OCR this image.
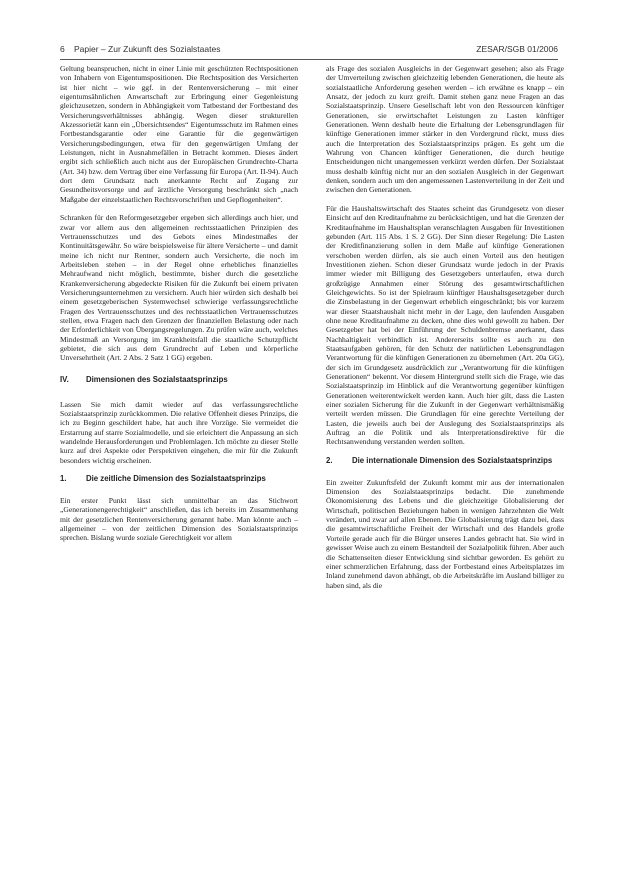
6 Papier – Zur Zukunft des Sozialstaates	ZESAR/SGB 01/2006

Geltung beanspruchen, nicht in einer Linie mit geschützten Rechtspositionen von Inhabern von Eigentumspositionen. Die Rechtsposition des Versicherten ist hier nicht – wie ggf. in der Rentenversicherung – mit einer eigentumsähnlichen Anwartschaft zur Erbringung einer Gegenleistung gleichzusetzen, sondern in Abhängigkeit vom Tatbestand der Fortbestand des Versicherungsverhältnisses abhängig. Wegen dieser strukturellen Akzessorietät kann ein „Übersichtsendes“ Eigentumsschutz im Rahmen eines Fortbestandsgarantie oder eine Garantie für die gegenwärtigen Versicherungsbedingungen, etwa für den gegenwärtigen Umfang der Leistungen, nicht in Ausnahmefällen in Betracht kommen. Dieses ändert ergibt sich schließlich auch nicht aus der Europäischen Grundrechte-Charta (Art. 34) bzw. dem Vertrag über eine Verfassung für Europa (Art. II-94). Auch dort dem Grundsatz nach anerkannte Recht auf Zugang zur Gesundheitsvorsorge und auf ärztliche Versorgung beschränkt sich „nach Maßgabe der einzelstaatlichen Rechtsvorschriften und Gepflogenheiten“.

Schranken für den Reformgesetzgeber ergeben sich allerdings auch hier, und zwar vor allem aus den allgemeinen rechtsstaatlichen Prinzipien des Vertrauensschutzes und des Gebots eines Mindestmaßes der Kontinuitätsgewähr. So wäre beispielsweise für ältere Versicherte – und damit meine ich nicht nur Rentner, sondern auch Versicherte, die noch im Arbeitsleben stehen – in der Regel ohne erhebliches finanzielles Mehraufwand nicht möglich, bestimmte, bisher durch die gesetzliche Krankenversicherung abgedeckte Risiken für die Zukunft bei einem privaten Versicherungsunternehmen zu versichern. Auch hier würden sich deshalb bei einem gesetzgeberischen Systemwechsel schwierige verfassungsrechtliche Fragen des Vertrauensschutzes und des rechtsstaatlichen Vertrauensschutzes stellen, etwa Fragen nach den Grenzen der finanziellen Belastung oder nach der Erforderlichkeit von Übergangsregelungen. Zu prüfen wäre auch, welches Mindestmaß an Versorgung im Krankheitsfall die staatliche Schutzpflicht gebietet, die sich aus dem Grundrecht auf Leben und körperliche Unversehrtheit (Art. 2 Abs. 2 Satz 1 GG) ergeben.

IV.	Dimensionen des Sozialstaatsprinzips

Lassen Sie mich damit wieder auf das verfassungsrechtliche Sozialstaatsprinzip zurückkommen. Die relative Offenheit dieses Prinzips, die ich zu Beginn geschildert habe, hat auch ihre Vorzüge. Sie vermeidet die Erstarrung auf starre Sozialmodelle, und sie erleichtert die Anpassung an sich wandelnde Herausforderungen und Problemlagen. Ich möchte zu dieser Stelle kurz auf drei Aspekte oder Perspektiven eingehen, die mir für die Zukunft besonders wichtig erscheinen.

1.	Die zeitliche Dimension des Sozialstaatsprinzips

Ein erster Punkt lässt sich unmittelbar an das Stichwort „Generationengerechtigkeit“ anschließen, das ich bereits im Zusammenhang mit der gesetzlichen Rentenversicherung genannt habe. Man könnte auch – allgemeiner – von der zeitlichen Dimension des Sozialstaatsprinzips sprechen. Bislang wurde soziale Gerechtigkeit vor allem

als Frage des sozialen Ausgleichs in der Gegenwart gesehen; also als Frage der Umverteilung zwischen gleichzeitig lebenden Generationen, die heute als sozialstaatliche Anforderung gesehen werden – ich erwähne es knapp – ein Ansatz, der jedoch zu kurz greift. Damit stehen ganz neue Fragen an das Sozialstaatsprinzip. Unsere Gesellschaft lebt von den Ressourcen künftiger Generationen, sie erwirtschaftet Leistungen zu Lasten künftiger Generationen. Wenn deshalb heute die Erhaltung der Lebensgrundlagen für künftige Generationen immer stärker in den Vordergrund rückt, muss dies auch die Interpretation des Sozialstaatsprinzips prägen. Es geht um die Wahrung von Chancen künftiger Generationen, die durch heutige Entscheidungen nicht unangemessen verkürzt werden dürfen. Der Sozialstaat muss deshalb künftig nicht nur an den sozialen Ausgleich in der Gegenwart denken, sondern auch um den angemessenen Lastenverteilung in der Zeit und zwischen den Generationen.

Für die Haushaltswirtschaft des Staates scheint das Grundgesetz von dieser Einsicht auf den Kreditaufnahme zu berücksichtigen, und hat die Grenzen der Kreditaufnahme im Haushaltsplan veranschlagten Ausgaben für Investitionen gebunden (Art. 115 Abs. 1 S. 2 GG). Der Sinn dieser Regelung: Die Lasten der Kreditfinanzierung sollen in dem Maße auf künftige Generationen verschoben werden dürfen, als sie auch einen Vorteil aus den heutigen Investitionen ziehen. Schon dieser Grundsatz wurde jedoch in der Praxis immer wieder mit Billigung des Gesetzgebers unterlaufen, etwa durch großzügige Annahmen einer Störung des gesamtwirtschaftlichen Gleichgewichts. So ist der Spielraum künftiger Haushaltsgesetzgeber durch die Zinsbelastung in der Gegenwart erheblich eingeschränkt; bis vor kurzem war dieser Staatshaushalt nicht mehr in der Lage, den laufenden Ausgaben ohne neue Kreditaufnahme zu decken, ohne dies wohl gewollt zu haben. Der Gesetzgeber hat bei der Einführung der Schuldenbremse anerkannt, dass Nachhaltigkeit verbindlich ist. Andererseits sollte es auch zu den Staatsaufgaben gehören, für den Schutz der natürlichen Lebensgrundlagen Verantwortung für die künftigen Generationen zu übernehmen (Art. 20a GG), der sich im Grundgesetz ausdrücklich zur „Verantwortung für die künftigen Generationen“ bekennt. Vor diesem Hintergrund stellt sich die Frage, wie das Sozialstaatsprinzip im Hinblick auf die Verantwortung gegenüber künftigen Generationen weiterentwickelt werden kann. Auch hier gilt, dass die Lasten einer sozialen Sicherung für die Zukunft in der Gegenwart verhältnismäßig verteilt werden müssen. Die Grundlagen für eine gerechte Verteilung der Lasten, die jeweils auch bei der Auslegung des Sozialstaatsprinzips als Auftrag an die Politik und als Interpretationsdirektive für die Rechtsanwendung verstanden werden sollten.

2.	Die internationale Dimension des Sozialstaatsprinzips

Ein zweiter Zukunftsfeld der Zukunft kommt mir aus der internationalen Dimension des Sozialstaatsprinzips bedacht. Die zunehmende Ökonomisierung des Lebens und die gleichzeitige Globalisierung der Wirtschaft, politischen Beziehungen haben in wenigen Jahrzehnten die Welt verändert, und zwar auf allen Ebenen. Die Globalisierung trägt dazu bei, dass die gesamtwirtschaftliche Freiheit der Wirtschaft und des Handels große Vorteile gerade auch für die Bürger unseres Landes gebracht hat. Sie wird in gewisser Weise auch zu einem Bestandteil der Sozialpolitik führen. Aber auch die Schattenseiten dieser Entwicklung sind sichtbar geworden. Es gehört zu einer schmerzlichen Erfahrung, dass der Fortbestand eines Arbeitsplatzes im Inland zunehmend davon abhängt, ob die Arbeitskräfte im Ausland billiger zu haben sind, als die
